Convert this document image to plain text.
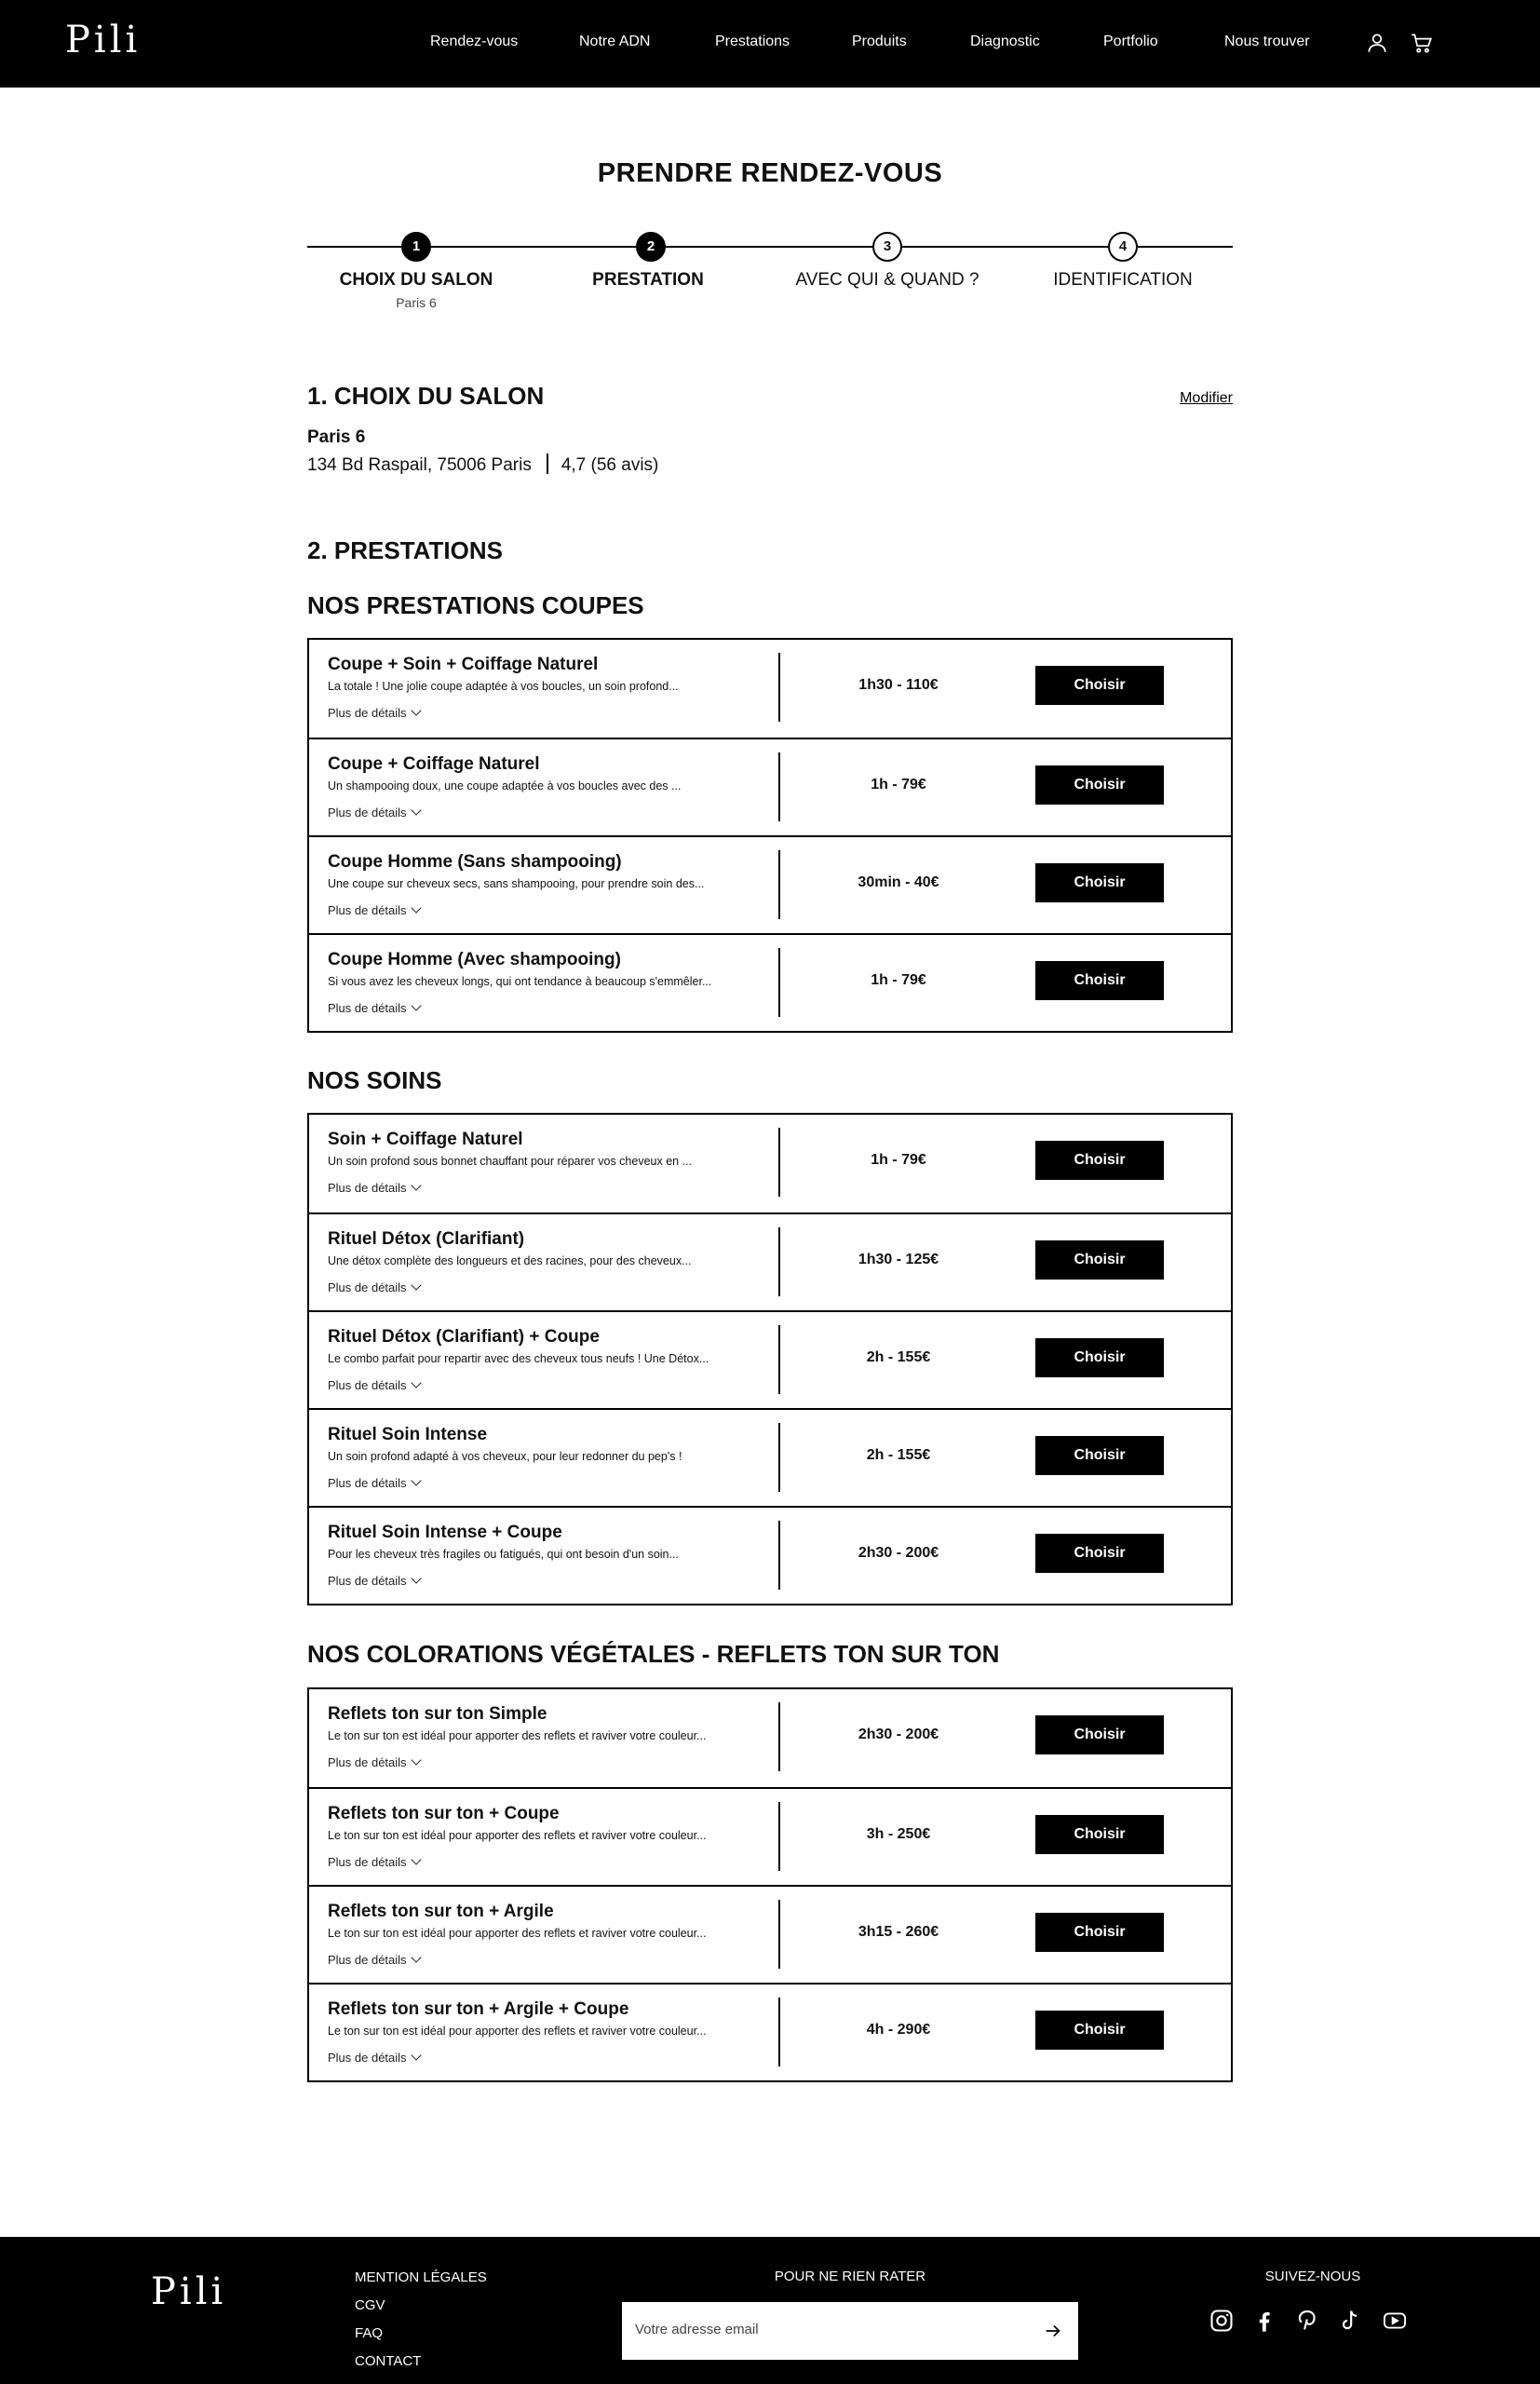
Pili	Rendez-vous	Notre ADN	Prestations	Produits	Diagnostic	Portfolio	Nous trouver
PRENDRE RENDEZ-VOUS
1	2	3	4
CHOIX DU SALON
Paris 6
PRESTATION	AVEC QUI & QUAND ?	IDENTIFICATION
1. CHOIX DU SALON	Modifier
Paris 6
134 Bd Raspail, 75006 Paris 4,7 (56 avis)
2. PRESTATIONS
NOS PRESTATIONS COUPES
Coupe + Soin + Coiffage Naturel
La totale ! Une jolie coupe adaptée à vos boucles, un soin profond...
Plus de détails
1h30 - 110€	Choisir
Coupe + Coiffage Naturel
Un shampooing doux, une coupe adaptée à vos boucles avec des ...
Plus de détails
1h - 79€	Choisir
Coupe Homme (Sans shampooing)
Une coupe sur cheveux secs, sans shampooing, pour prendre soin des...
Plus de détails
30min - 40€	Choisir
Coupe Homme (Avec shampooing)
Si vous avez les cheveux longs, qui ont tendance à beaucoup s'emmêler...
Plus de détails
1h - 79€	Choisir
NOS SOINS
Soin + Coiffage Naturel
Un soin profond sous bonnet chauffant pour réparer vos cheveux en ...
Plus de détails
1h - 79€	Choisir
Rituel Détox (Clarifiant)
Une détox complète des longueurs et des racines, pour des cheveux...
Plus de détails
1h30 - 125€	Choisir
Rituel Détox (Clarifiant) + Coupe
Le combo parfait pour repartir avec des cheveux tous neufs ! Une Détox...
Plus de détails
2h - 155€	Choisir
Rituel Soin Intense
Un soin profond adapté à vos cheveux, pour leur redonner du pep's !
Plus de détails
2h - 155€	Choisir
Rituel Soin Intense + Coupe
Pour les cheveux très fragiles ou fatigués, qui ont besoin d'un soin...
Plus de détails
2h30 - 200€	Choisir
NOS COLORATIONS VÉGÉTALES - REFLETS TON SUR TON
Reflets ton sur ton Simple
Le ton sur ton est idéal pour apporter des reflets et raviver votre couleur...
Plus de détails
2h30 - 200€	Choisir
Reflets ton sur ton + Coupe
Le ton sur ton est idéal pour apporter des reflets et raviver votre couleur...
Plus de détails
3h - 250€	Choisir
Reflets ton sur ton + Argile
Le ton sur ton est idéal pour apporter des reflets et raviver votre couleur...
Plus de détails
3h15 - 260€	Choisir
Reflets ton sur ton + Argile + Coupe
Le ton sur ton est idéal pour apporter des reflets et raviver votre couleur...
Plus de détails
4h - 290€	Choisir
Pili	MENTION LÉGALES
CGV
FAQ
CONTACT
POUR NE RIEN RATER
Votre adresse email
SUIVEZ-NOUS
